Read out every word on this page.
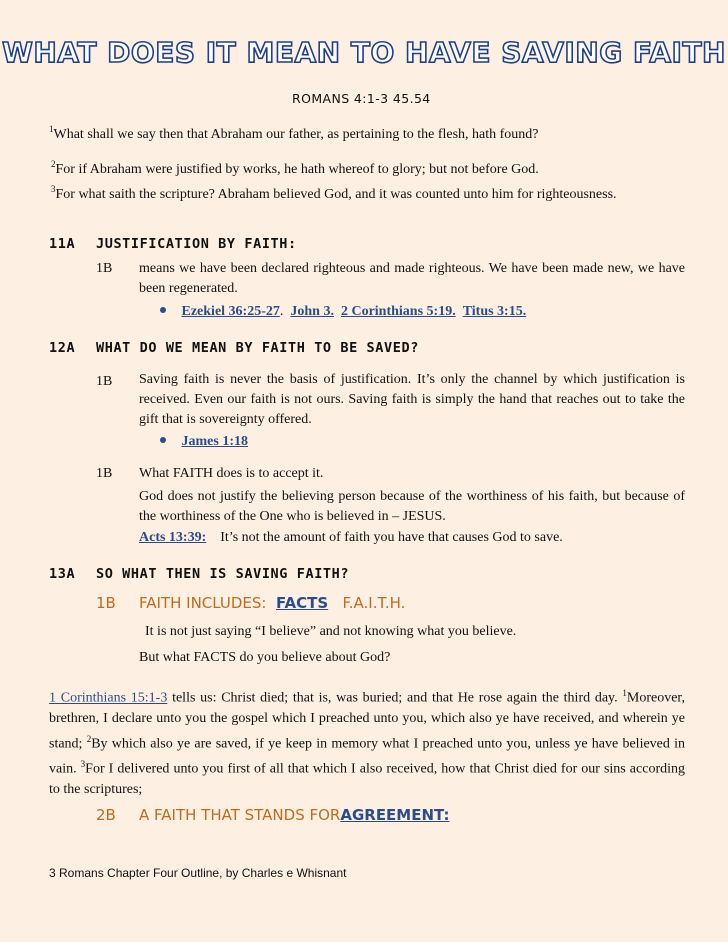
WHAT DOES IT MEAN TO HAVE SAVING FAITH
ROMANS 4:1-3 45.54
$^1$What shall we say then that Abraham our father, as pertaining to the flesh, hath found?
$^2$For if Abraham were justified by works, he hath whereof to glory; but not before God.
$^3$For what saith the scripture? Abraham believed God, and it was counted unto him for righteousness.
11A JUSTIFICATION BY FAITH:
1B means we have been declared righteous and made righteous. We have been made new, we have been regenerated.
Ezekiel 36:25-27.  John 3. 2 Corinthians 5:19. Titus 3:15.
12A WHAT DO WE MEAN BY FAITH TO BE SAVED?
1B Saving faith is never the basis of justification. It’s only the channel by which justification is received. Even our faith is not ours. Saving faith is simply the hand that reaches out to take the gift that is sovereignty offered.
James 1:18
1B What FAITH does is to accept it.
God does not justify the believing person because of the worthiness of his faith, but because of the worthiness of the One who is believed in – JESUS.
Acts 13:39: It’s not the amount of faith you have that causes God to save.
13A SO WHAT THEN IS SAVING FAITH?
1B FAITH INCLUDES: FACTS F.A.I.T.H.
It is not just saying “I believe” and not knowing what you believe.
But what FACTS do you believe about God?
1 Corinthians 15:1-3 tells us: Christ died; that is, was buried; and that He rose again the third day. $^1$Moreover, brethren, I declare unto you the gospel which I preached unto you, which also ye have received, and wherein ye stand; $^2$By which also ye are saved, if ye keep in memory what I preached unto you, unless ye have believed in vain. $^3$For I delivered unto you first of all that which I also received, how that Christ died for our sins according to the scriptures;
2B A FAITH THAT STANDS FORAGREEMENT:
3 Romans Chapter Four Outline, by Charles e Whisnant
